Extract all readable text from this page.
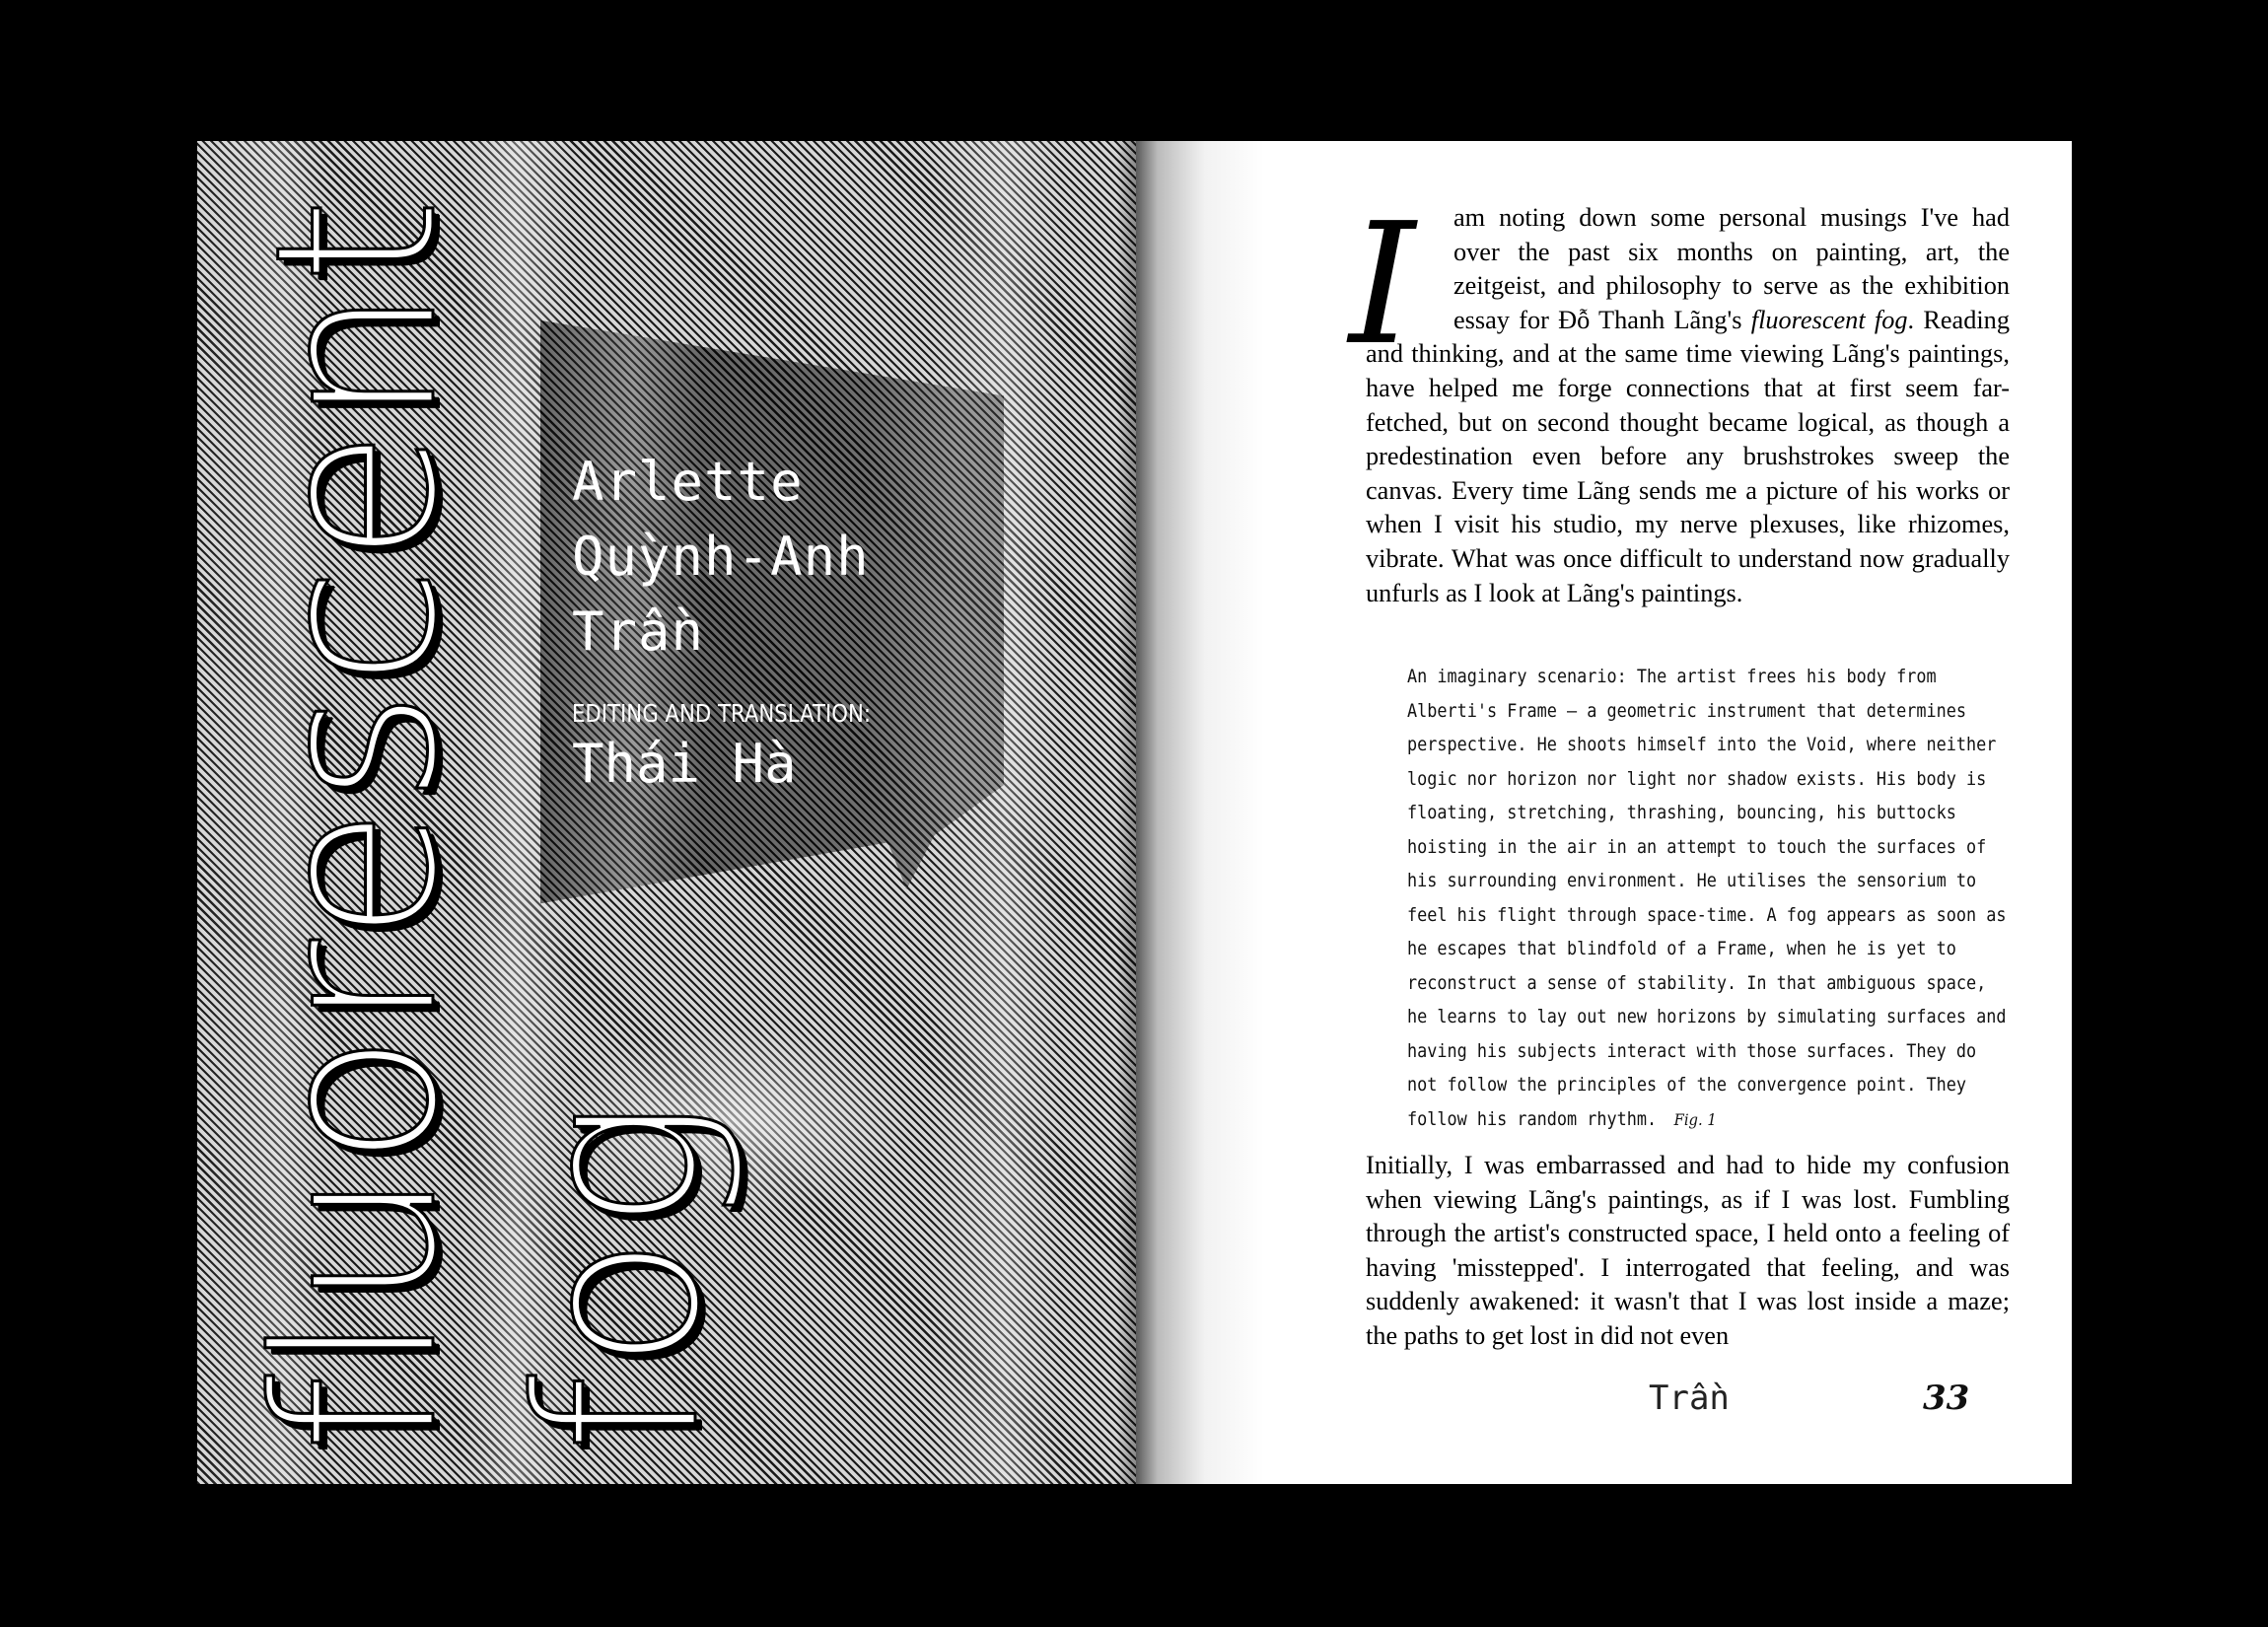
fluorescent fog
Arlette
Quỳnh-Anh
Trần
EDITING AND TRANSLATION:
Thái Hà
I	am noting down some personal musings I've had over the past six months on painting, art, the zeitgeist, and philosophy to serve as the exhibition essay for Đỗ Thanh Lãng's fluorescent fog. Reading and thinking, and at the same time viewing Lãng's paintings, have helped me forge connections that at first seem far-fetched, but on second thought became logical, as though a predestination even before any brushstrokes sweep the canvas. Every time Lãng sends me a picture of his works or when I visit his studio, my nerve plexuses, like rhizomes, vibrate. What was once difficult to understand now gradually unfurls as I look at Lãng's paintings.
An imaginary scenario: The artist frees his body from Alberti's Frame – a geometric instrument that determines perspective. He shoots himself into the Void, where neither logic nor horizon nor light nor shadow exists. His body is floating, stretching, thrashing, bouncing, his buttocks hoisting in the air in an attempt to touch the surfaces of his surrounding environment. He utilises the sensorium to feel his flight through space-time. A fog appears as soon as he escapes that blindfold of a Frame, when he is yet to reconstruct a sense of stability. In that ambiguous space, he learns to lay out new horizons by simulating surfaces and having his subjects interact with those surfaces. They do not follow the principles of the convergence point. They follow his random rhythm. Fig. 1
Initially, I was embarrassed and had to hide my confusion when viewing Lãng's paintings, as if I was lost. Fumbling through the artist's constructed space, I held onto a feeling of having 'misstepped'. I interrogated that feeling, and was suddenly awakened: it wasn't that I was lost inside a maze; the paths to get lost in did not even
Trần	33
